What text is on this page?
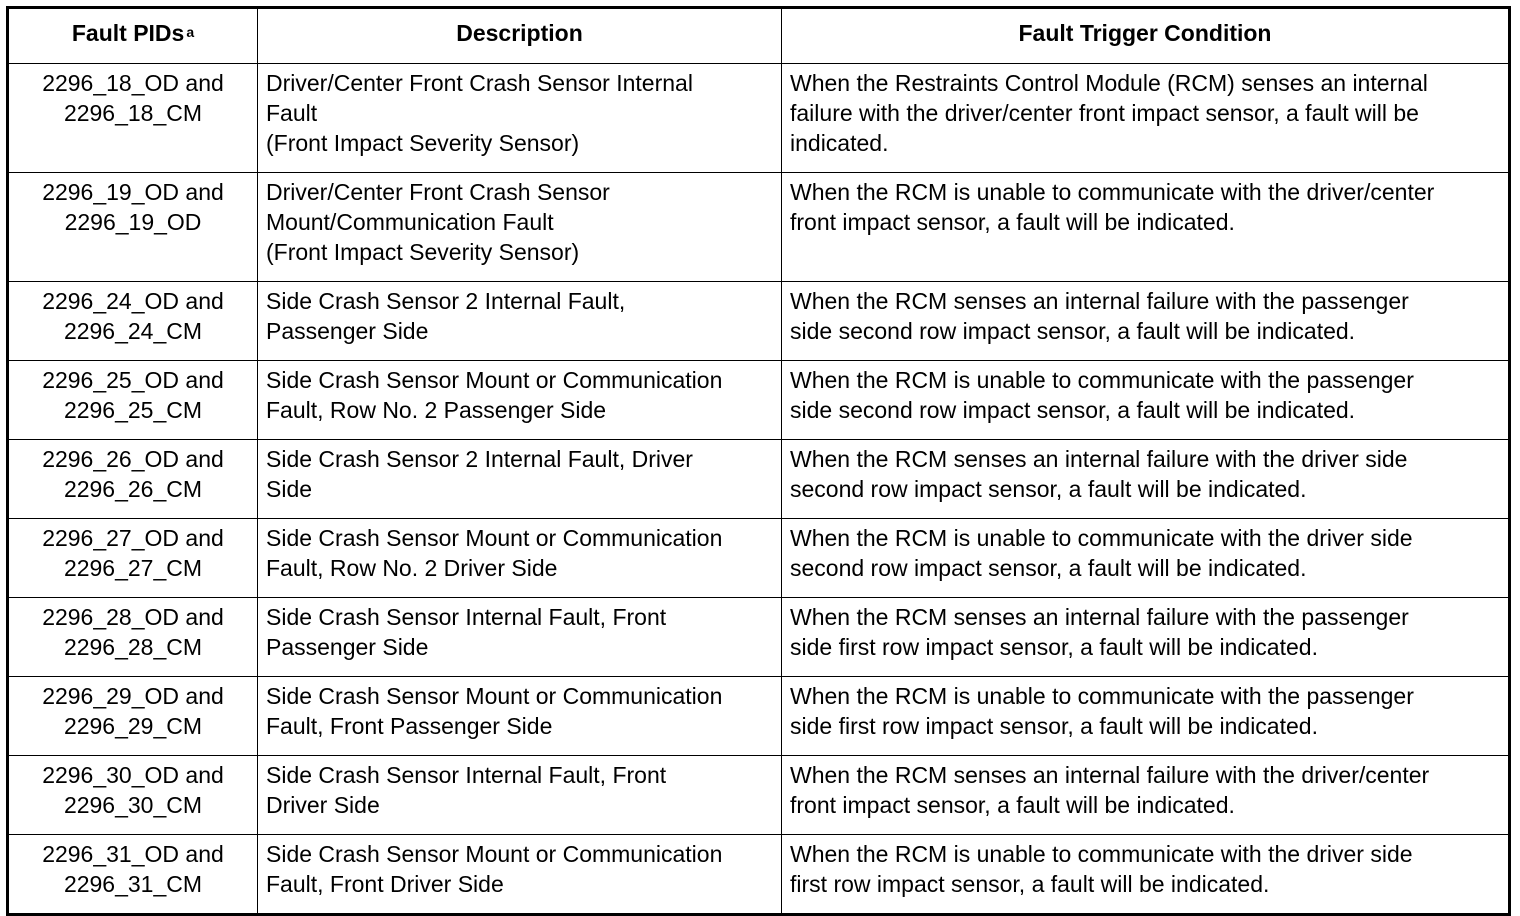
Fault PIDs $^a$	Description	Fault Trigger Condition

2296_18_OD and
2296_18_CM	Driver/Center Front Crash Sensor Internal
Fault
(Front Impact Severity Sensor)	When the Restraints Control Module (RCM) senses an internal
failure with the driver/center front impact sensor, a fault will be
indicated.

2296_19_OD and
2296_19_OD	Driver/Center Front Crash Sensor
Mount/Communication Fault
(Front Impact Severity Sensor)	When the RCM is unable to communicate with the driver/center
front impact sensor, a fault will be indicated.

2296_24_OD and
2296_24_CM	Side Crash Sensor 2 Internal Fault,
Passenger Side	When the RCM senses an internal failure with the passenger
side second row impact sensor, a fault will be indicated.

2296_25_OD and
2296_25_CM	Side Crash Sensor Mount or Communication
Fault, Row No. 2 Passenger Side	When the RCM is unable to communicate with the passenger
side second row impact sensor, a fault will be indicated.

2296_26_OD and
2296_26_CM	Side Crash Sensor 2 Internal Fault, Driver
Side	When the RCM senses an internal failure with the driver side
second row impact sensor, a fault will be indicated.

2296_27_OD and
2296_27_CM	Side Crash Sensor Mount or Communication
Fault, Row No. 2 Driver Side	When the RCM is unable to communicate with the driver side
second row impact sensor, a fault will be indicated.

2296_28_OD and
2296_28_CM	Side Crash Sensor Internal Fault, Front
Passenger Side	When the RCM senses an internal failure with the passenger
side first row impact sensor, a fault will be indicated.

2296_29_OD and
2296_29_CM	Side Crash Sensor Mount or Communication
Fault, Front Passenger Side	When the RCM is unable to communicate with the passenger
side first row impact sensor, a fault will be indicated.

2296_30_OD and
2296_30_CM	Side Crash Sensor Internal Fault, Front
Driver Side	When the RCM senses an internal failure with the driver/center
front impact sensor, a fault will be indicated.

2296_31_OD and
2296_31_CM	Side Crash Sensor Mount or Communication
Fault, Front Driver Side	When the RCM is unable to communicate with the driver side
first row impact sensor, a fault will be indicated.
